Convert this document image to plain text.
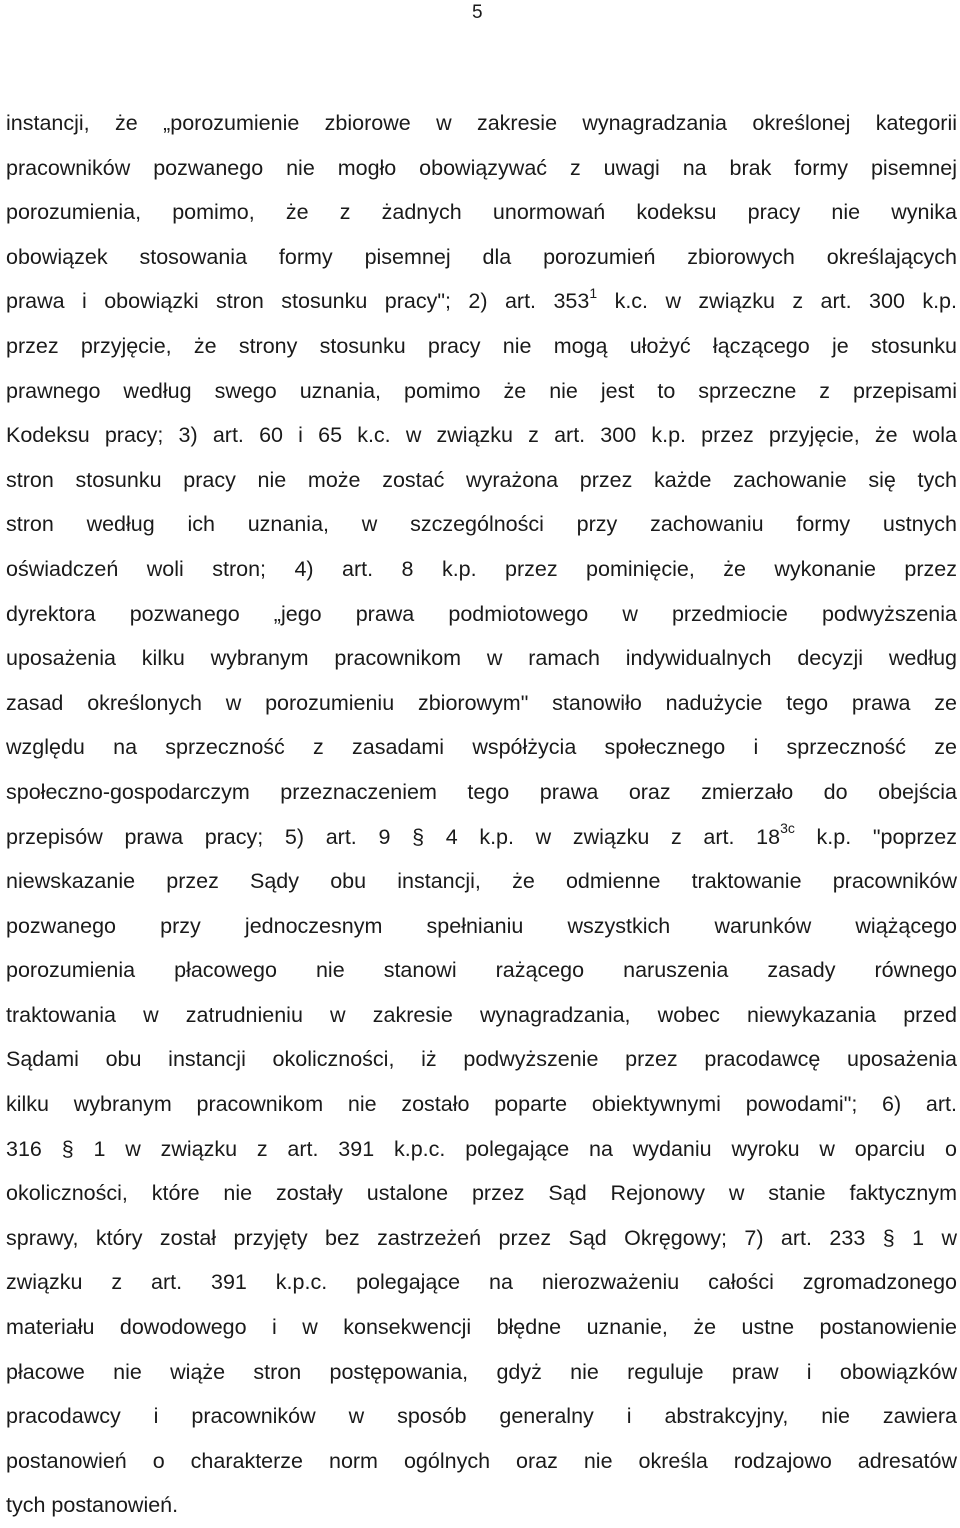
5
instancji, że „porozumienie zbiorowe w zakresie wynagradzania określonej kategorii
pracowników pozwanego nie mogło obowiązywać z uwagi na brak formy pisemnej
porozumienia, pomimo, że z żadnych unormowań kodeksu pracy nie wynika
obowiązek stosowania formy pisemnej dla porozumień zbiorowych określających
prawa i obowiązki stron stosunku pracy"; 2) art. $353^1$ k.c. w związku z art. 300 k.p.
przez przyjęcie, że strony stosunku pracy nie mogą ułożyć łączącego je stosunku
prawnego według swego uznania, pomimo że nie jest to sprzeczne z przepisami
Kodeksu pracy; 3) art. 60 i 65 k.c. w związku z art. 300 k.p. przez przyjęcie, że wola
stron stosunku pracy nie może zostać wyrażona przez każde zachowanie się tych
stron według ich uznania, w szczególności przy zachowaniu formy ustnych
oświadczeń woli stron; 4) art. 8 k.p. przez pominięcie, że wykonanie przez
dyrektora pozwanego „jego prawa podmiotowego w przedmiocie podwyższenia
uposażenia kilku wybranym pracownikom w ramach indywidualnych decyzji według
zasad określonych w porozumieniu zbiorowym" stanowiło nadużycie tego prawa ze
względu na sprzeczność z zasadami współżycia społecznego i sprzeczność ze
społeczno-gospodarczym przeznaczeniem tego prawa oraz zmierzało do obejścia
przepisów prawa pracy; 5) art. 9 § 4 k.p. w związku z art. $18^{3c}$ k.p. "poprzez
niewskazanie przez Sądy obu instancji, że odmienne traktowanie pracowników
pozwanego przy jednoczesnym spełnianiu wszystkich warunków wiążącego
porozumienia płacowego nie stanowi rażącego naruszenia zasady równego
traktowania w zatrudnieniu w zakresie wynagradzania, wobec niewykazania przed
Sądami obu instancji okoliczności, iż podwyższenie przez pracodawcę uposażenia
kilku wybranym pracownikom nie zostało poparte obiektywnymi powodami"; 6) art.
316 § 1 w związku z art. 391 k.p.c. polegające na wydaniu wyroku w oparciu o
okoliczności, które nie zostały ustalone przez Sąd Rejonowy w stanie faktycznym
sprawy, który został przyjęty bez zastrzeżeń przez Sąd Okręgowy; 7) art. 233 § 1 w
związku z art. 391 k.p.c. polegające na nierozważeniu całości zgromadzonego
materiału dowodowego i w konsekwencji błędne uznanie, że ustne postanowienie
płacowe nie wiąże stron postępowania, gdyż nie reguluje praw i obowiązków
pracodawcy i pracowników w sposób generalny i abstrakcyjny, nie zawiera
postanowień o charakterze norm ogólnych oraz nie określa rodzajowo adresatów
tych postanowień.
